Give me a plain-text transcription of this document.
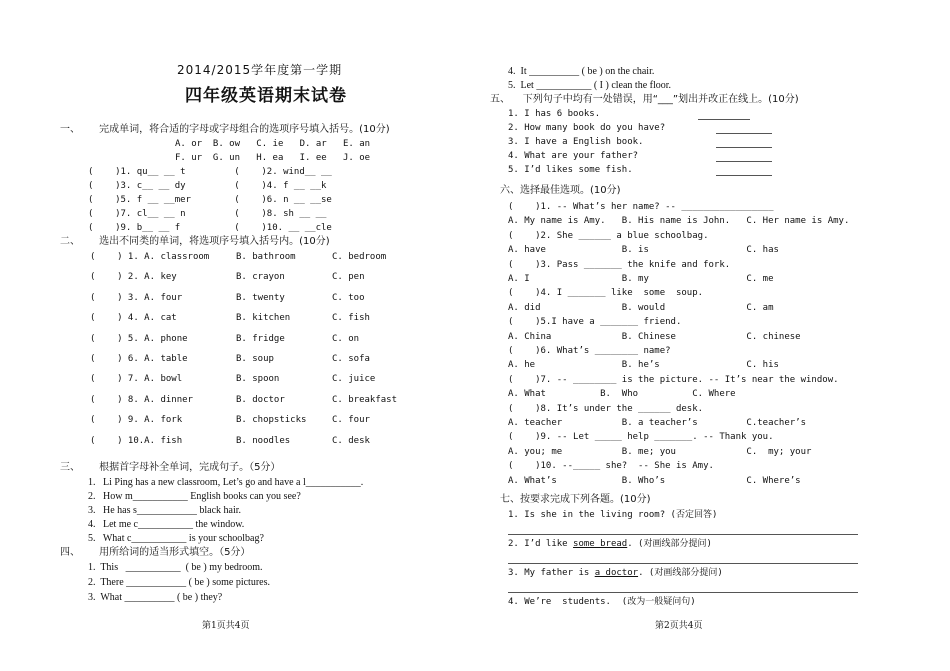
2014/2015学年度第一学期
四年级英语期末试卷
一、      完成单词，将合适的字母或字母组合的选项序号填入括号。(10分)
A. or  B. ow   C. ie   D. ar   E. an
F. ur  G. un   H. ea   I. ee   J. oe
(    )1. qu__ __ t         (    )2. wind__ __
(    )3. c__ __ dy         (    )4. f __ __k
(    )5. f __ __mer        (    )6. n __ __se
(    )7. cl__ __ n         (    )8. sh __ __
(    )9. b__ __ f          (    )10. __ __cle
二、      选出不同类的单词，将选项序号填入括号内。(10分)
(    ) 1. A. classroom	B. bathroom	C. bedroom
(    ) 2. A. key	B. crayon	C. pen
(    ) 3. A. four	B. twenty	C. too
(    ) 4. A. cat	B. kitchen	C. fish
(    ) 5. A. phone	B. fridge	C. on
(    ) 6. A. table	B. soup	C. sofa
(    ) 7. A. bowl	B. spoon	C. juice
(    ) 8. A. dinner	B. doctor	C. breakfast
(    ) 9. A. fork	B. chopsticks	C. four
(    ) 10.A. fish	B. noodles	C. desk
三、      根据首字母补全单词，完成句子。（5分）
1.   Li Ping has a new classroom, Let’s go and have a l___________.
2.   How m___________ English books can you see?
3.   He has s____________ black hair.
4.   Let me c___________ the window.
5.   What c___________ is your schoolbag?
四、      用所给词的适当形式填空。（5分）
1.  This   ___________  ( be ) my bedroom.
2.  There ____________ ( be ) some pictures.
3.  What __________ ( be ) they?
第1页共4页
4.  It __________ ( be ) on the chair.
5.  Let ___________ ( I ) clean the floor.
五、    下列句子中均有一处错误，用“___”划出并改正在线上。(10分)
1. I has 6 books.
2. How many book do you have?
3. I have a English book.
4. What are your father?
5. I’d likes some fish.
六、选择最佳选项。(10分)
(    )1. -- What’s her name? -- _________________
A. My name is Amy.   B. His name is John.   C. Her name is Amy.
(    )2. She ______ a blue schoolbag.
A. have              B. is                  C. has
(    )3. Pass _______ the knife and fork.
A. I                 B. my                  C. me
(    )4. I _______ like  some  soup.
A. did               B. would               C. am
(    )5.I have a _______ friend.
A. China             B. Chinese             C. chinese
(    )6. What’s ________ name?
A. he                B. he’s                C. his
(    )7. -- ________ is the picture. -- It’s near the window.
A. What          B.  Who          C. Where
(    )8. It’s under the ______ desk.
A. teacher           B. a teacher’s         C.teacher’s
(    )9. -- Let _____ help _______. -- Thank you.
A. you; me           B. me; you             C.  my; your
(    )10. --_____ she?  -- She is Amy.
A. What’s            B. Who’s               C. Where’s
七、按要求完成下列各题。(10分)
1. Is she in the living room? (否定回答)
2. I’d like some bread. (对画线部分提问)
3. My father is a doctor. (对画线部分提问)
4. We’re  students.  (改为一般疑问句)
第2页共4页
